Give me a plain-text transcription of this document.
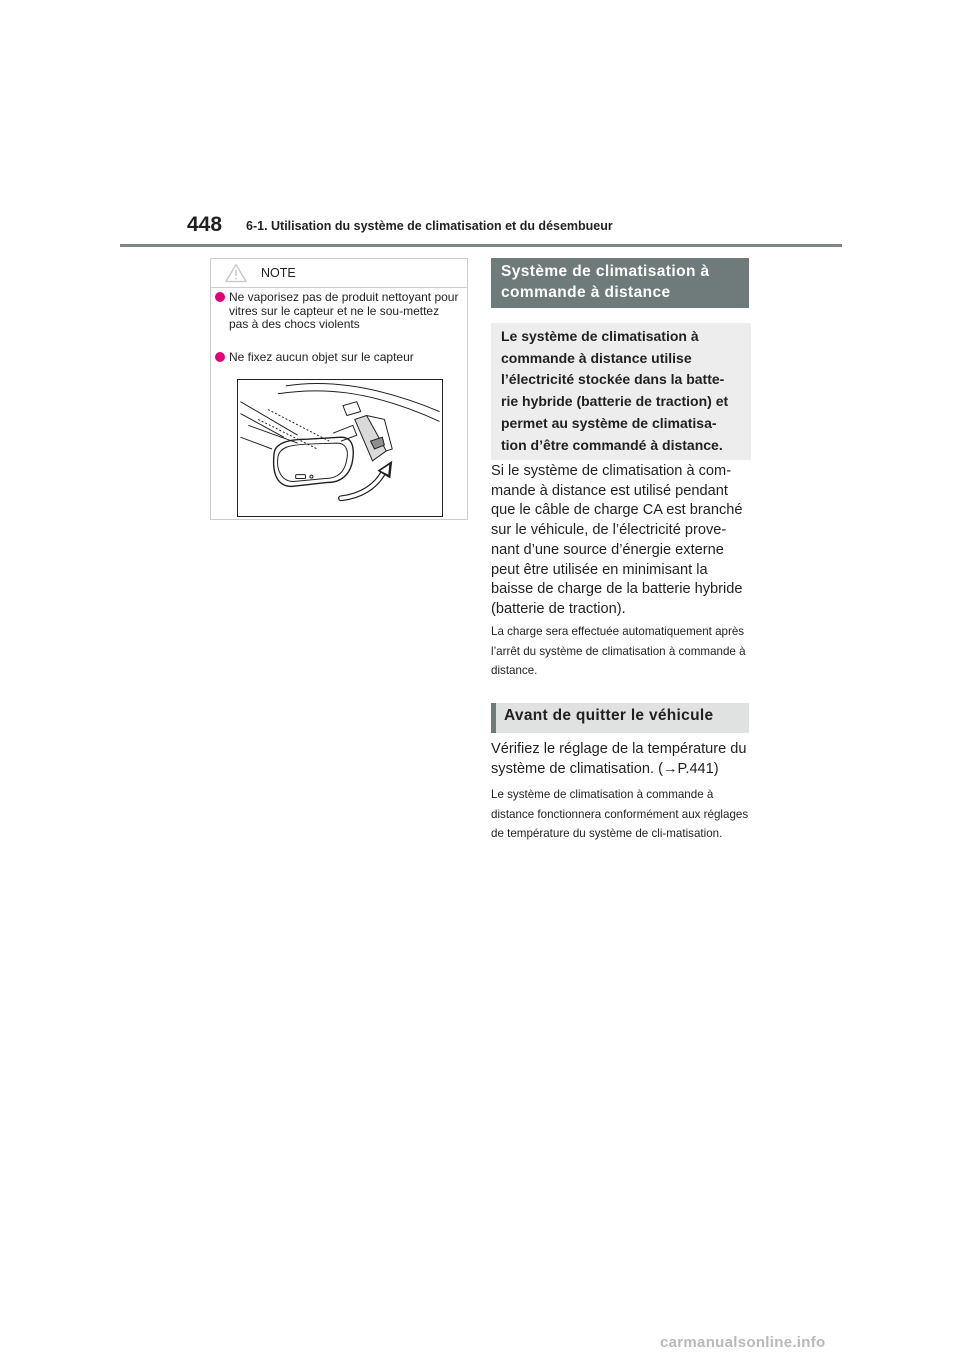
448 6-1. Utilisation du système de climatisation et du désembueur
NOTE
Ne vaporisez pas de produit nettoyant pour vitres sur le capteur et ne le sou-mettez pas à des chocs violents
Ne fixez aucun objet sur le capteur
Système de climatisation à commande à distance
Le système de climatisation à commande à distance utilise l’électricité stockée dans la batte-rie hybride (batterie de traction) et permet au système de climatisa-tion d’être commandé à distance.
Si le système de climatisation à com-mande à distance est utilisé pendant que le câble de charge CA est branché sur le véhicule, de l’électricité prove-nant d’une source d’énergie externe peut être utilisée en minimisant la baisse de charge de la batterie hybride (batterie de traction).
La charge sera effectuée automatiquement après l’arrêt du système de climatisation à commande à distance.
Avant de quitter le véhicule
Vérifiez le réglage de la température du système de climatisation. (→P.441)
Le système de climatisation à commande à distance fonctionnera conformément aux réglages de température du système de cli-matisation.
carmanualsonline.info
